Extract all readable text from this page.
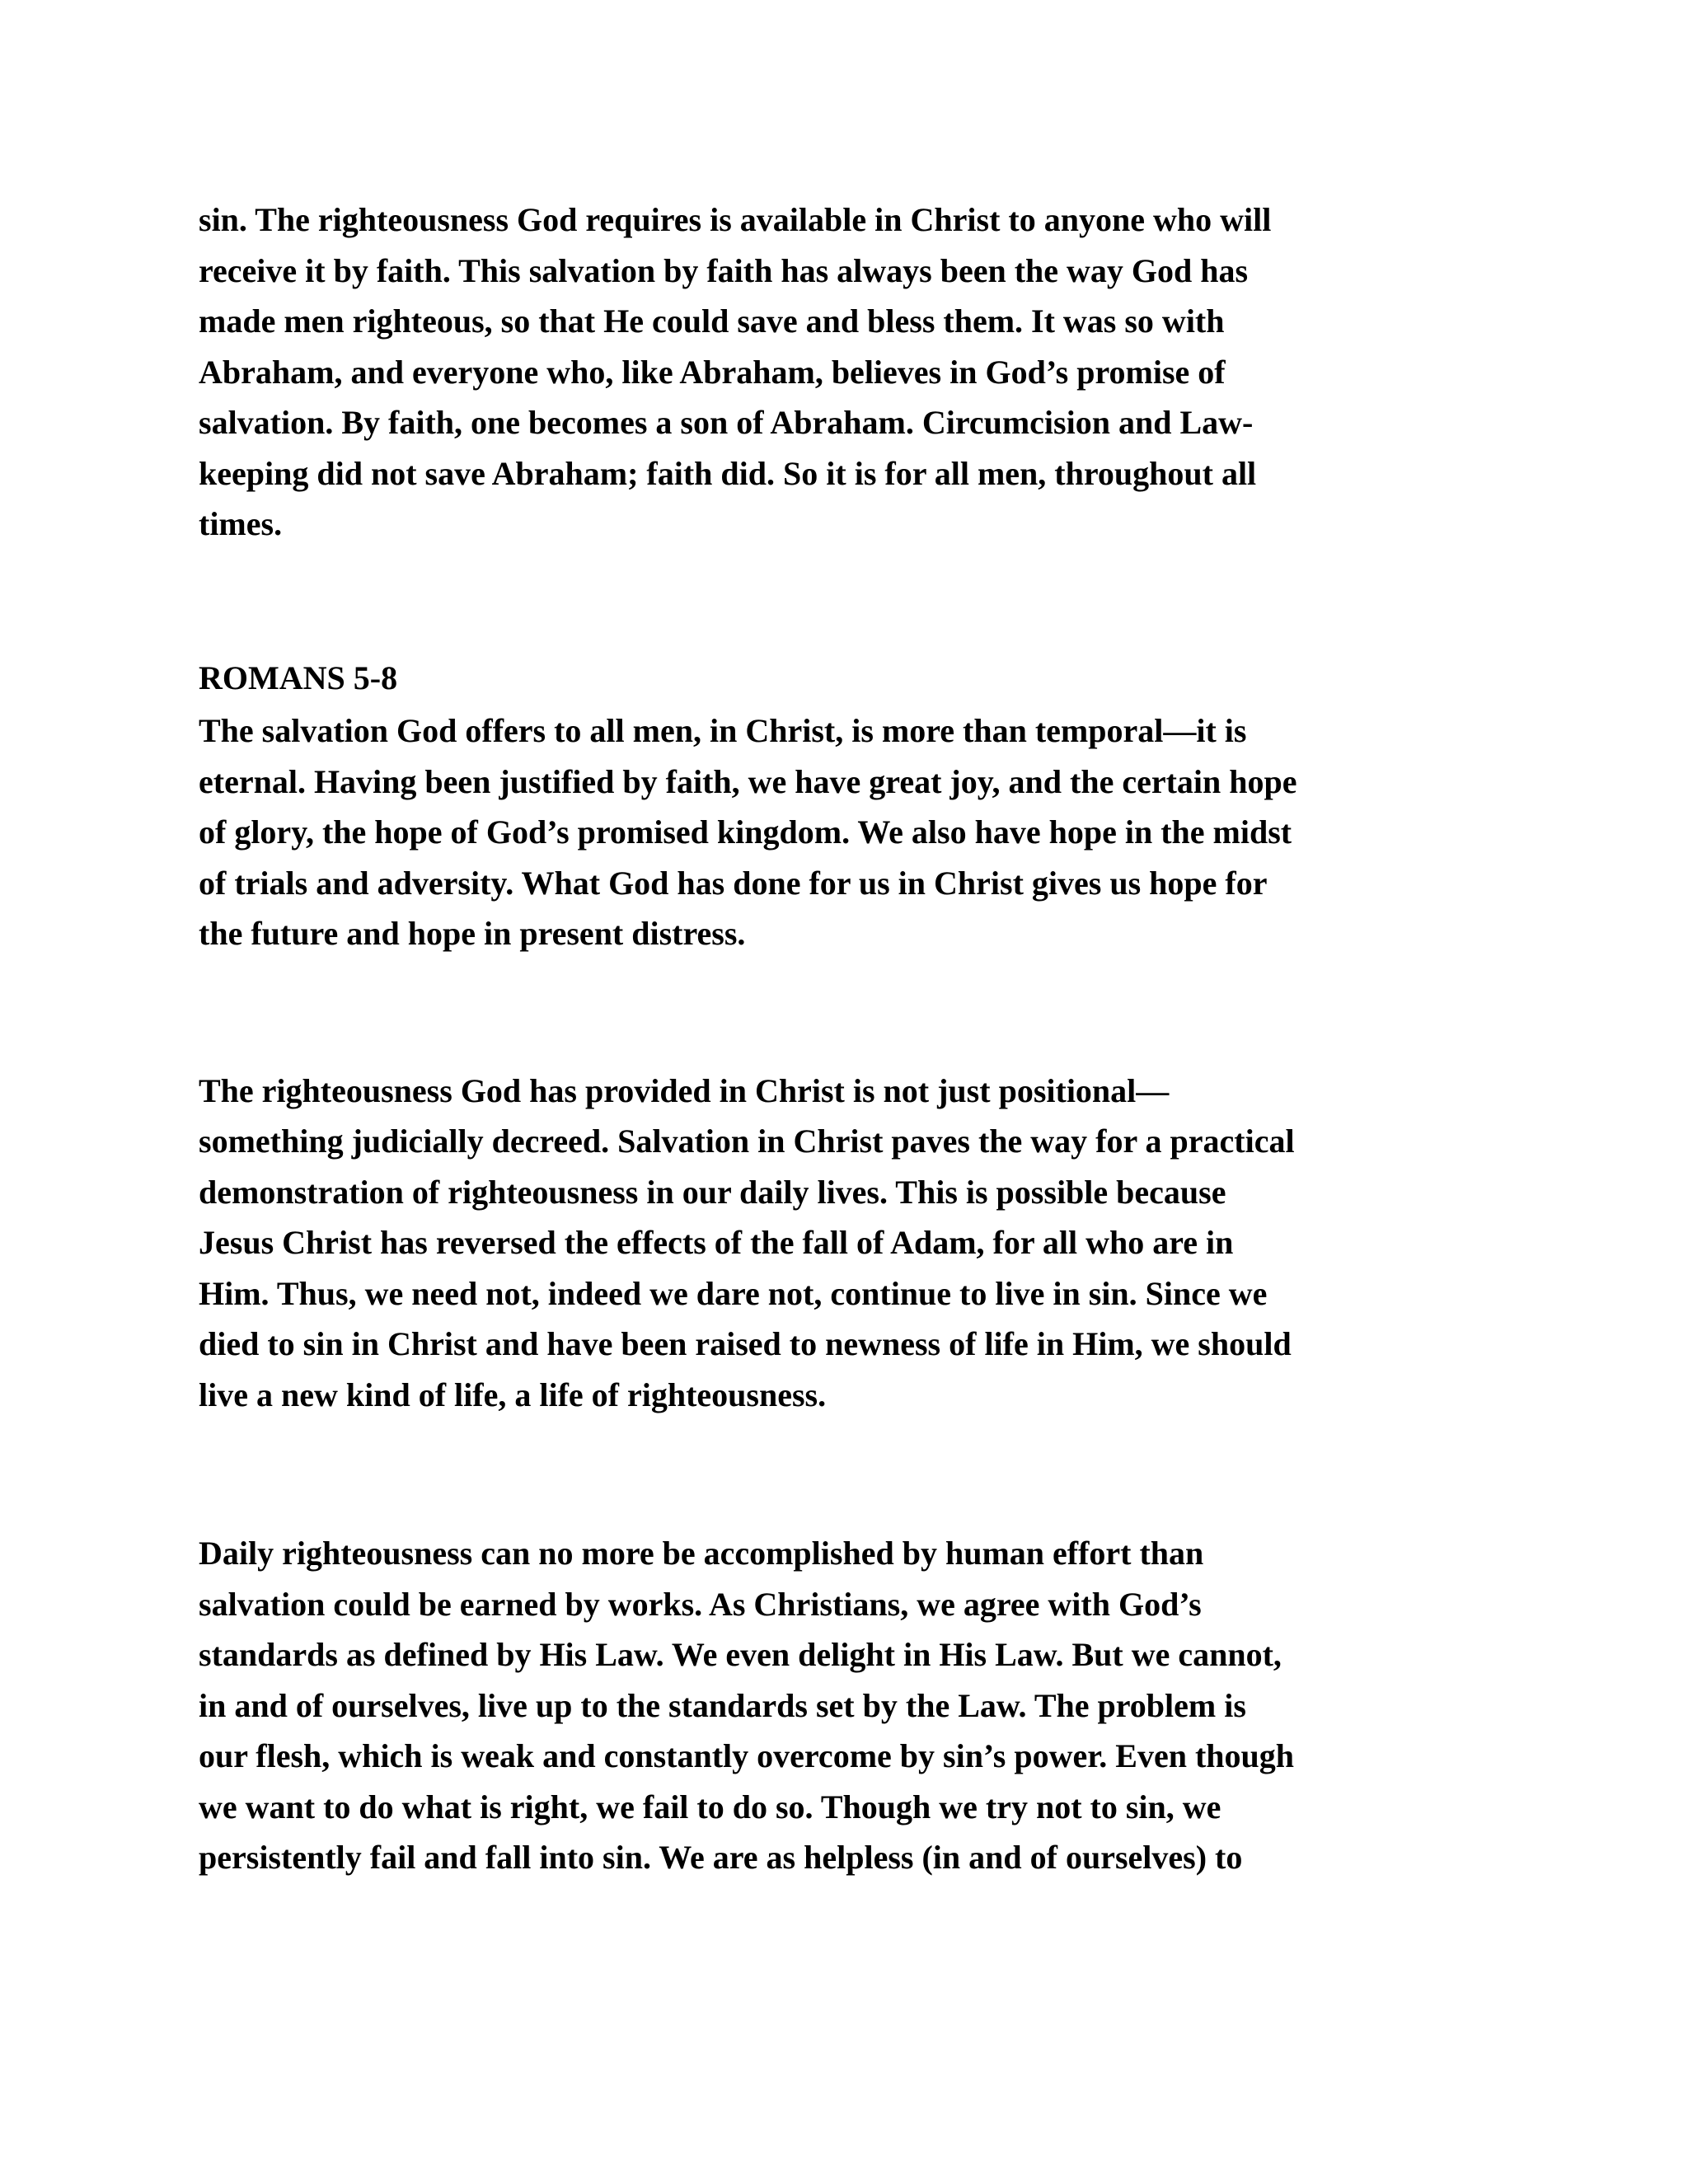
sin. The righteousness God requires is available in Christ to anyone who will
receive it by faith. This salvation by faith has always been the way God has
made men righteous, so that He could save and bless them. It was so with
Abraham, and everyone who, like Abraham, believes in God’s promise of
salvation. By faith, one becomes a son of Abraham. Circumcision and Law-
keeping did not save Abraham; faith did. So it is for all men, throughout all
times.
ROMANS 5-8
The salvation God offers to all men, in Christ, is more than temporal—it is
eternal. Having been justified by faith, we have great joy, and the certain hope
of glory, the hope of God’s promised kingdom. We also have hope in the midst
of trials and adversity. What God has done for us in Christ gives us hope for
the future and hope in present distress.
The righteousness God has provided in Christ is not just positional—
something judicially decreed. Salvation in Christ paves the way for a practical
demonstration of righteousness in our daily lives. This is possible because
Jesus Christ has reversed the effects of the fall of Adam, for all who are in
Him. Thus, we need not, indeed we dare not, continue to live in sin. Since we
died to sin in Christ and have been raised to newness of life in Him, we should
live a new kind of life, a life of righteousness.
Daily righteousness can no more be accomplished by human effort than
salvation could be earned by works. As Christians, we agree with God’s
standards as defined by His Law. We even delight in His Law. But we cannot,
in and of ourselves, live up to the standards set by the Law. The problem is
our flesh, which is weak and constantly overcome by sin’s power. Even though
we want to do what is right, we fail to do so. Though we try not to sin, we
persistently fail and fall into sin. We are as helpless (in and of ourselves) to
